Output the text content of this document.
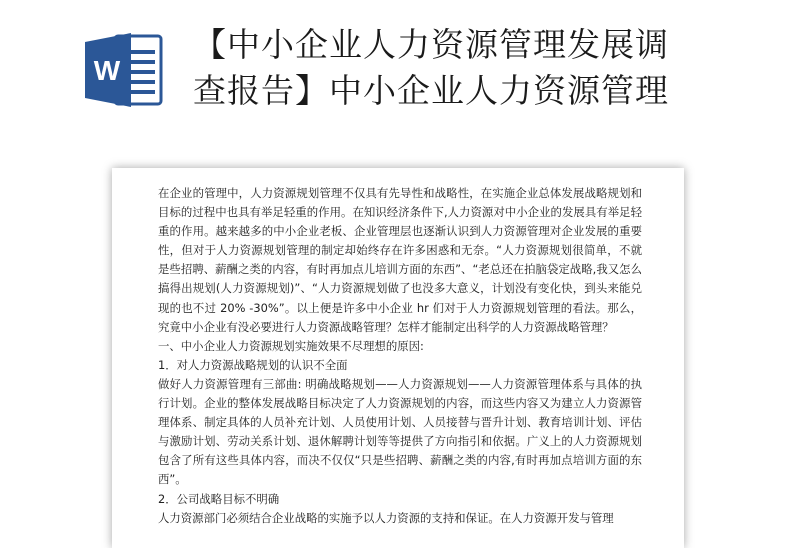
W
【中小企业人力资源管理发展调
查报告】中小企业人力资源管理

在企业的管理中，人力资源规划管理不仅具有先导性和战略性，在实施企业总体发展战略规划和目标的过程中也具有举足轻重的作用。在知识经济条件下,人力资源对中小企业的发展具有举足轻重的作用。越来越多的中小企业老板、企业管理层也逐渐认识到人力资源管理对企业发展的重要性，但对于人力资源规划管理的制定却始终存在许多困惑和无奈。“人力资源规划很简单，不就是些招聘、薪酬之类的内容，有时再加点儿培训方面的东西”、“老总还在拍脑袋定战略,我又怎么搞得出规划(人力资源规划)”、“人力资源规划做了也没多大意义，计划没有变化快，到头来能兑现的也不过 20% -30%”。以上便是许多中小企业 hr 们对于人力资源规划管理的看法。那么，究竟中小企业有没必要进行人力资源战略管理？怎样才能制定出科学的人力资源战略管理？

一、中小企业人力资源规划实施效果不尽理想的原因:

1．对人力资源战略规划的认识不全面

做好人力资源管理有三部曲: 明确战略规划——人力资源规划——人力资源管理体系与具体的执行计划。企业的整体发展战略目标决定了人力资源规划的内容，而这些内容又为建立人力资源管理体系、制定具体的人员补充计划、人员使用计划、人员接替与晋升计划、教育培训计划、评估与激励计划、劳动关系计划、退休解聘计划等等提供了方向指引和依据。广义上的人力资源规划包含了所有这些具体内容，而决不仅仅“只是些招聘、薪酬之类的内容,有时再加点培训方面的东西”。

2．公司战略目标不明确

人力资源部门必须结合企业战略的实施予以人力资源的支持和保证。在人力资源开发与管理
